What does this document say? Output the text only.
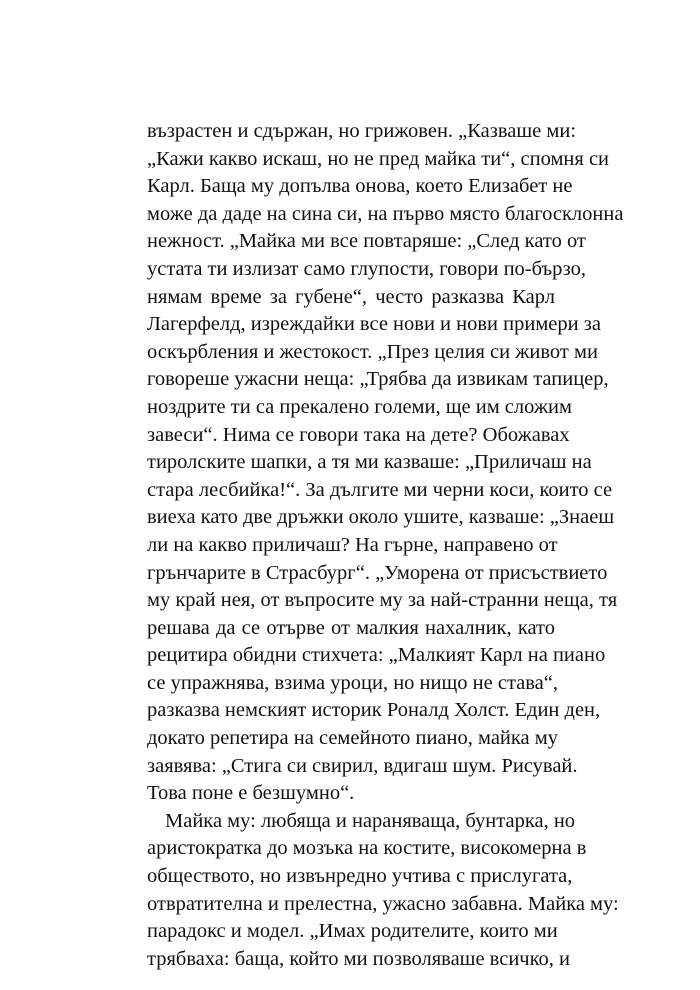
възрастен и сдържан, но грижовен. „Казваше ми:
„Кажи какво искаш, но не пред майка ти“, спомня си
Карл. Баща му допълва онова, което Елизабет не
може да даде на сина си, на първо място благосклонна
нежност. „Майка ми все повтаряше: „След като от
устата ти излизат само глупости, говори по-бързо,
нямам време за губене“, често разказва Карл
Лагерфелд, изреждайки все нови и нови примери за
оскърбления и жестокост. „През целия си живот ми
говореше ужасни неща: „Трябва да извикам тапицер,
ноздрите ти са прекалено големи, ще им сложим
завеси“. Нима се говори така на дете? Обожавах
тиролските шапки, а тя ми казваше: „Приличаш на
стара лесбийка!“. За дългите ми черни коси, които се
виеха като две дръжки около ушите, казваше: „Знаеш
ли на какво приличаш? На гърне, направено от
грънчарите в Страсбург“. „Уморена от присъствието
му край нея, от въпросите му за най-странни неща, тя
решава да се отърве от малкия нахалник, като
рецитира обидни стихчета: „Малкият Карл на пиано
се упражнява, взима уроци, но нищо не става“,
разказва немският историк Роналд Холст. Един ден,
докато репетира на семейното пиано, майка му
заявява: „Стига си свирил, вдигаш шум. Рисувай.
Това поне е безшумно“.
Майка му: любяща и нараняваща, бунтарка, но
аристократка до мозъка на костите, високомерна в
обществото, но извънредно учтива с прислугата,
отвратителна и прелестна, ужасно забавна. Майка му:
парадокс и модел. „Имах родителите, които ми
трябваха: баща, който ми позволяваше всичко, и
